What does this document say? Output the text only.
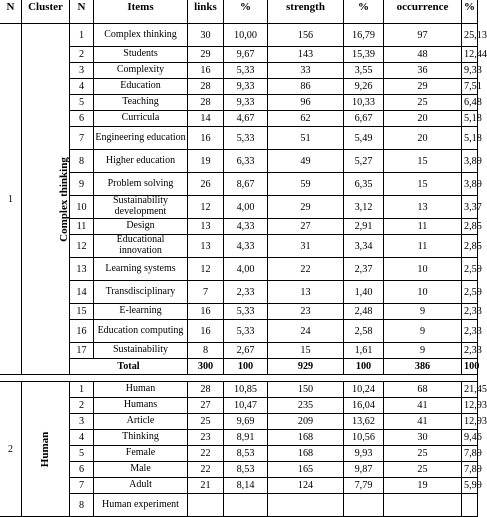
N	Cluster	N	Items	links	%	strength	%	occurrence	%
1	Complex thinking	1	Complex thinking	30	10,00	156	16,79	97	25,13
		2	Students	29	9,67	143	15,39	48	12,44
		3	Complexity	16	5,33	33	3,55	36	9,33
		4	Education	28	9,33	86	9,26	29	7,51
		5	Teaching	28	9,33	96	10,33	25	6,48
		6	Curricula	14	4,67	62	6,67	20	5,18
		7	Engineering education	16	5,33	51	5,49	20	5,18
		8	Higher education	19	6,33	49	5,27	15	3,89
		9	Problem solving	26	8,67	59	6,35	15	3,89
		10	Sustainability development	12	4,00	29	3,12	13	3,37
		11	Design	13	4,33	27	2,91	11	2,85
		12	Educational innovation	13	4,33	31	3,34	11	2,85
		13	Learning systems	12	4,00	22	2,37	10	2,59
		14	Transdisciplinary	7	2,33	13	1,40	10	2,59
		15	E-learning	16	5,33	23	2,48	9	2,33
		16	Education computing	16	5,33	24	2,58	9	2,33
		17	Sustainability	8	2,67	15	1,61	9	2,33
		Total		300	100	929	100	386	100

2	Human	1	Human	28	10,85	150	10,24	68	21,45
		2	Humans	27	10,47	235	16,04	41	12,93
		3	Article	25	9,69	209	13,62	41	12,93
		4	Thinking	23	8,91	168	10,56	30	9,46
		5	Female	22	8,53	168	9,93	25	7,89
		6	Male	22	8,53	165	9,87	25	7,89
		7	Adult	21	8,14	124	7,79	19	5,99
		8	Human experiment						
